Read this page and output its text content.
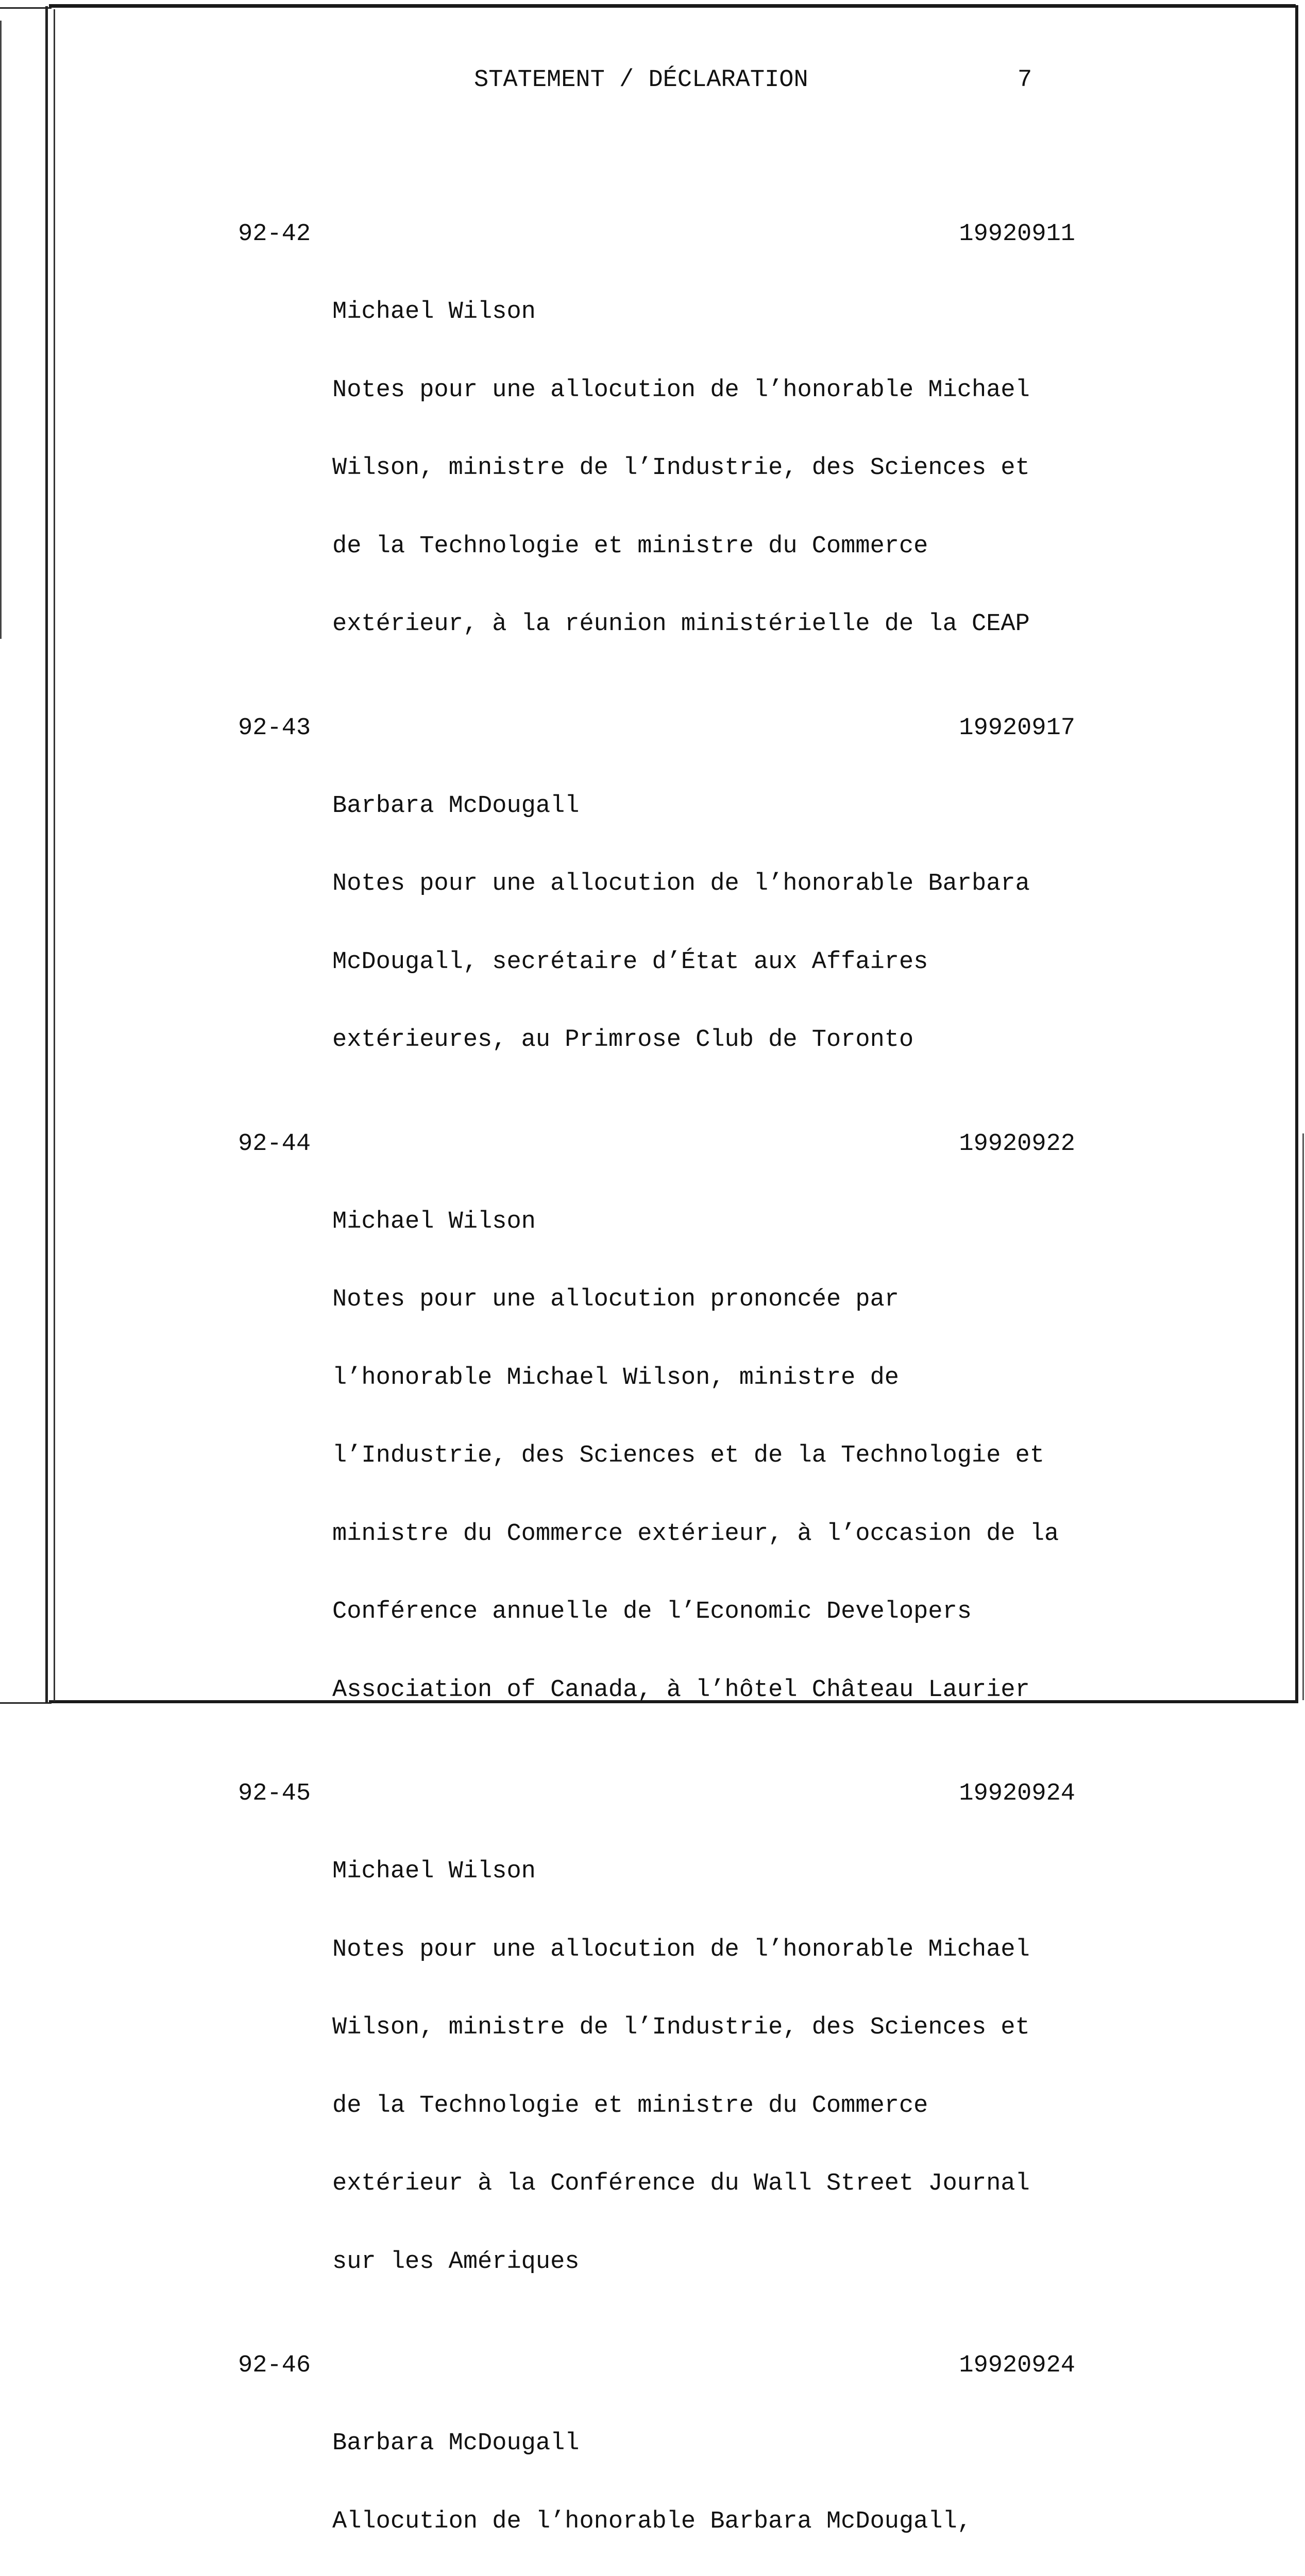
STATEMENT / DÉCLARATION	7
92-42	19920911

Michael Wilson

Notes pour une allocution de l’honorable Michael

Wilson, ministre de l’Industrie, des Sciences et

de la Technologie et ministre du Commerce

extérieur, à la réunion ministérielle de la CEAP

92-43	19920917

Barbara McDougall

Notes pour une allocution de l’honorable Barbara

McDougall, secrétaire d’État aux Affaires

extérieures, au Primrose Club de Toronto

92-44	19920922

Michael Wilson

Notes pour une allocution prononcée par

l’honorable Michael Wilson, ministre de

l’Industrie, des Sciences et de la Technologie et

ministre du Commerce extérieur, à l’occasion de la

Conférence annuelle de l’Economic Developers

Association of Canada, à l’hôtel Château Laurier

92-45	19920924

Michael Wilson

Notes pour une allocution de l’honorable Michael

Wilson, ministre de l’Industrie, des Sciences et

de la Technologie et ministre du Commerce

extérieur à la Conférence du Wall Street Journal

sur les Amériques

92-46	19920924

Barbara McDougall

Allocution de l’honorable Barbara McDougall,
